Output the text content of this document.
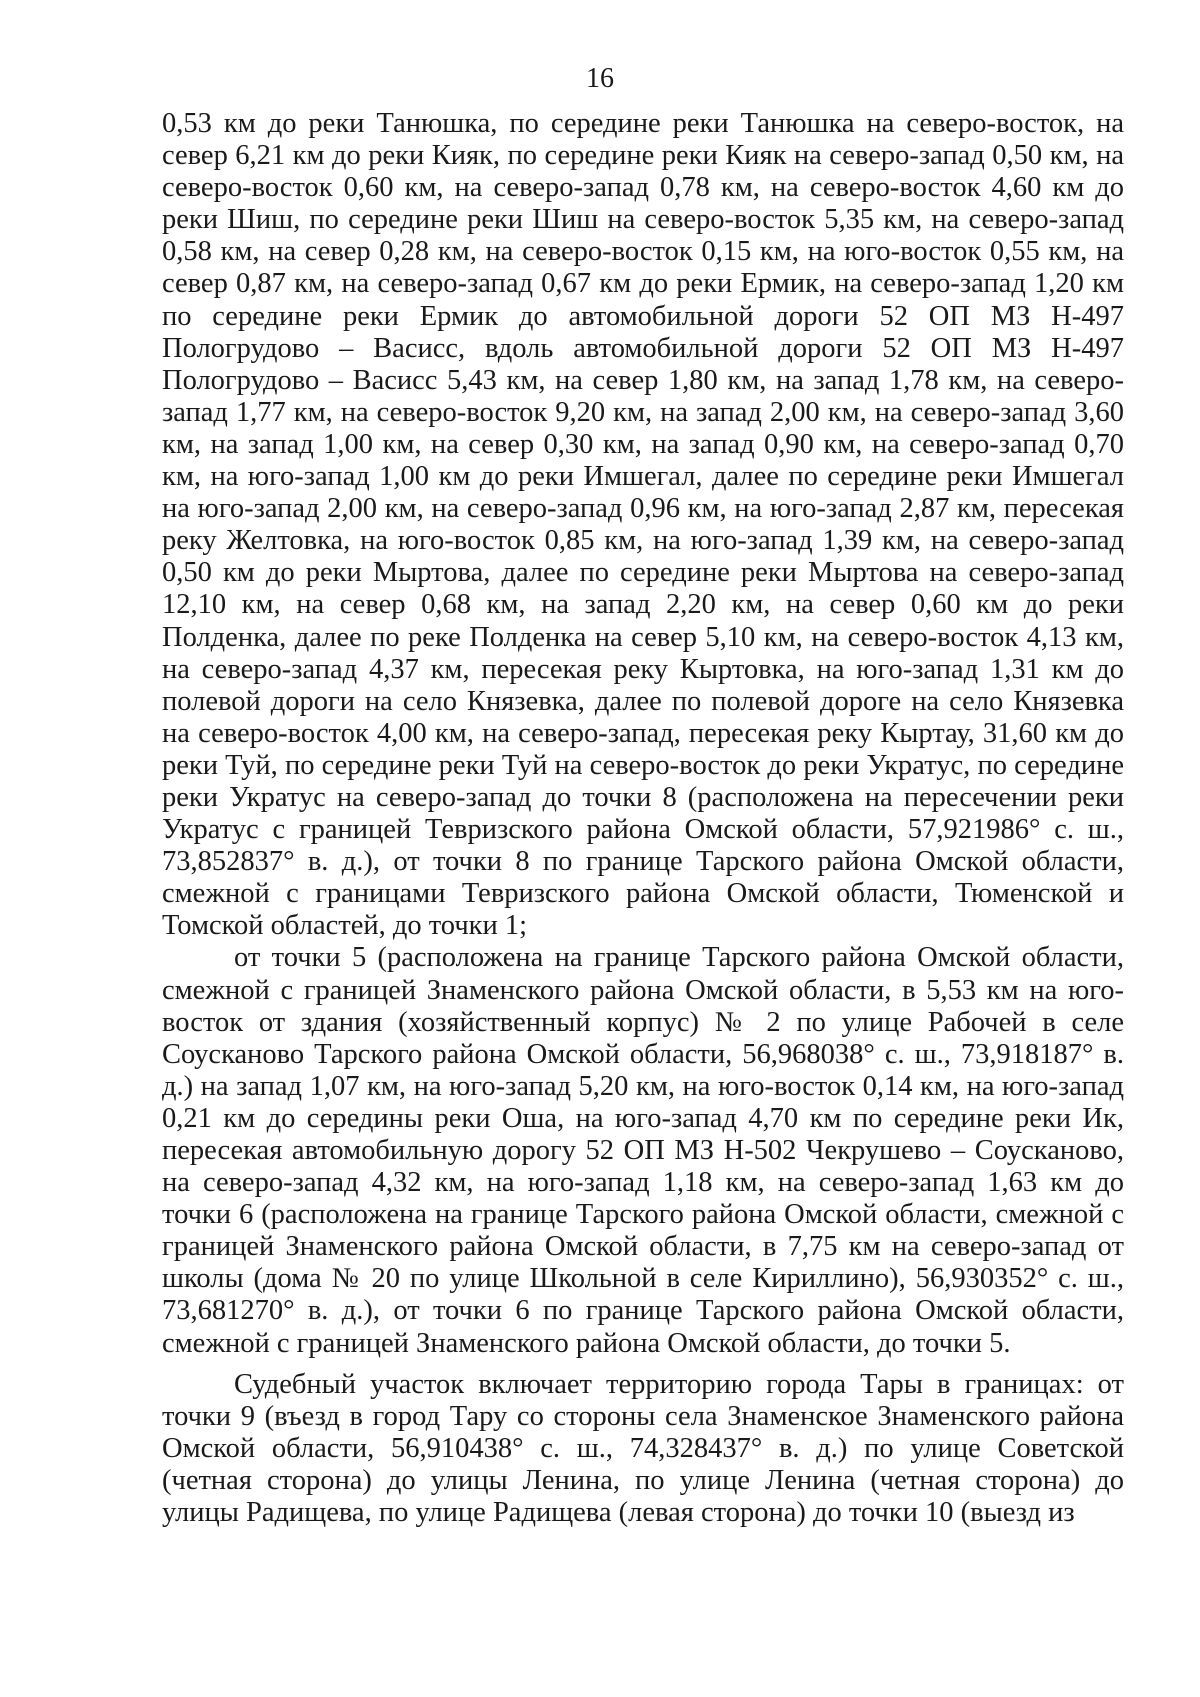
16

0,53 км до реки Танюшка, по середине реки Танюшка на северо-восток, на север 6,21 км до реки Кияк, по середине реки Кияк на северо-запад 0,50 км, на северо-восток 0,60 км, на северо-запад 0,78 км, на северо-восток 4,60 км до реки Шиш, по середине реки Шиш на северо-восток 5,35 км, на северо-запад 0,58 км, на север 0,28 км, на северо-восток 0,15 км, на юго-восток 0,55 км, на север 0,87 км, на северо-запад 0,67 км до реки Ермик, на северо-запад 1,20 км по середине реки Ермик до автомобильной дороги 52 ОП МЗ Н-497 Пологрудово – Васисс, вдоль автомобильной дороги 52 ОП МЗ Н-497 Пологрудово – Васисс 5,43 км, на север 1,80 км, на запад 1,78 км, на северо-запад 1,77 км, на северо-восток 9,20 км, на запад 2,00 км, на северо-запад 3,60 км, на запад 1,00 км, на север 0,30 км, на запад 0,90 км, на северо-запад 0,70 км, на юго-запад 1,00 км до реки Имшегал, далее по середине реки Имшегал на юго-запад 2,00 км, на северо-запад 0,96 км, на юго-запад 2,87 км, пересекая реку Желтовка, на юго-восток 0,85 км, на юго-запад 1,39 км, на северо-запад 0,50 км до реки Мыртова, далее по середине реки Мыртова на северо-запад 12,10 км, на север 0,68 км, на запад 2,20 км, на север 0,60 км до реки Полденка, далее по реке Полденка на север 5,10 км, на северо-восток 4,13 км, на северо-запад 4,37 км, пересекая реку Кыртовка, на юго-запад 1,31 км до полевой дороги на село Князевка, далее по полевой дороге на село Князевка на северо-восток 4,00 км, на северо-запад, пересекая реку Кыртау, 31,60 км до реки Туй, по середине реки Туй на северо-восток до реки Укратус, по середине реки Укратус на северо-запад до точки 8 (расположена на пересечении реки Укратус с границей Тевризского района Омской области, 57,921986° с. ш., 73,852837° в. д.), от точки 8 по границе Тарского района Омской области, смежной с границами Тевризского района Омской области, Тюменской и Томской областей, до точки 1;

от точки 5 (расположена на границе Тарского района Омской области, смежной с границей Знаменского района Омской области, в 5,53 км на юго-восток от здания (хозяйственный корпус) № 2 по улице Рабочей в селе Соусканово Тарского района Омской области, 56,968038° с. ш., 73,918187° в. д.) на запад 1,07 км, на юго-запад 5,20 км, на юго-восток 0,14 км, на юго-запад 0,21 км до середины реки Оша, на юго-запад 4,70 км по середине реки Ик, пересекая автомобильную дорогу 52 ОП МЗ Н-502 Чекрушево – Соусканово, на северо-запад 4,32 км, на юго-запад 1,18 км, на северо-запад 1,63 км до точки 6 (расположена на границе Тарского района Омской области, смежной с границей Знаменского района Омской области, в 7,75 км на северо-запад от школы (дома № 20 по улице Школьной в селе Кириллино), 56,930352° с. ш., 73,681270° в. д.), от точки 6 по границе Тарского района Омской области, смежной с границей Знаменского района Омской области, до точки 5.

Судебный участок включает территорию города Тары в границах: от точки 9 (въезд в город Тару со стороны села Знаменское Знаменского района Омской области, 56,910438° с. ш., 74,328437° в. д.) по улице Советской (четная сторона) до улицы Ленина, по улице Ленина (четная сторона) до улицы Радищева, по улице Радищева (левая сторона) до точки 10 (выезд из
